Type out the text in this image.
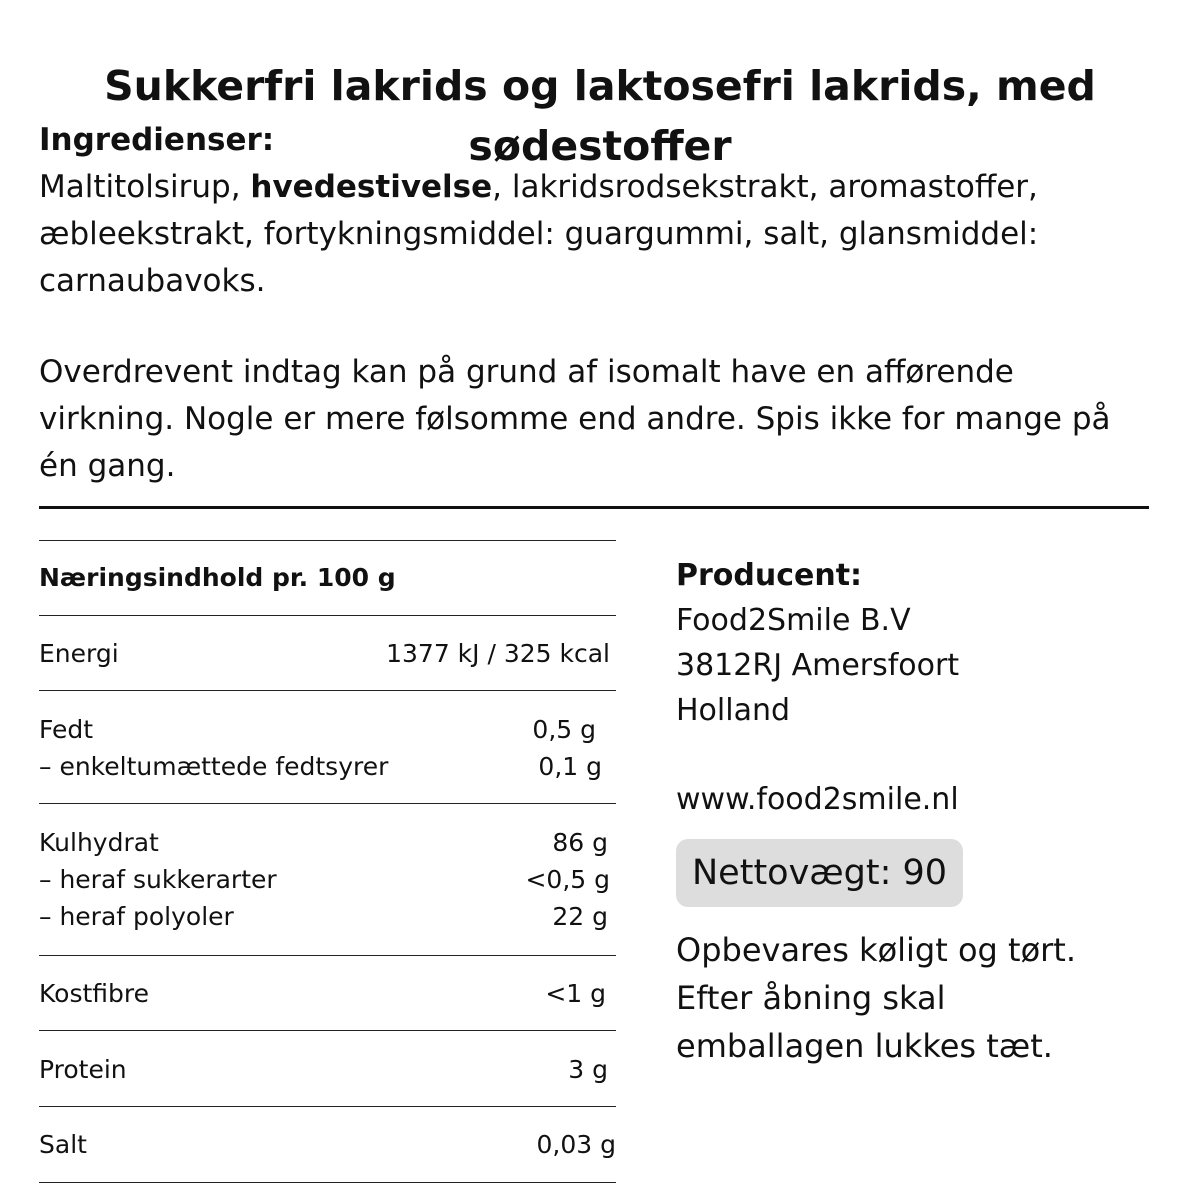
Sukkerfri lakrids og laktosefri lakrids, med sødestoffer
Ingredienser:

Maltitolsirup, hvedestivelse, lakridsrodsekstrakt, aromastoffer, æbleekstrakt, fortykningsmiddel: guargummi, salt, glansmiddel: carnaubavoks.

Overdrevent indtag kan på grund af isomalt have en afførende virkning. Nogle er mere følsomme end andre. Spis ikke for mange på én gang.

Næringsindhold pr. 100 g
Energi	1377 kJ / 325 kcal
Fedt	0,5 g
– enkeltumættede fedtsyrer	0,1 g
Kulhydrat	86 g
– heraf sukkerarter	<0,5 g
– heraf polyoler	22 g
Kostfibre	<1 g
Protein	3 g
Salt	0,03 g
Producent:
Food2Smile B.V
3812RJ Amersfoort
Holland
www.food2smile.nl
Nettovægt: 90

Opbevares køligt og tørt.
Efter åbning skal
emballagen lukkes tæt.
